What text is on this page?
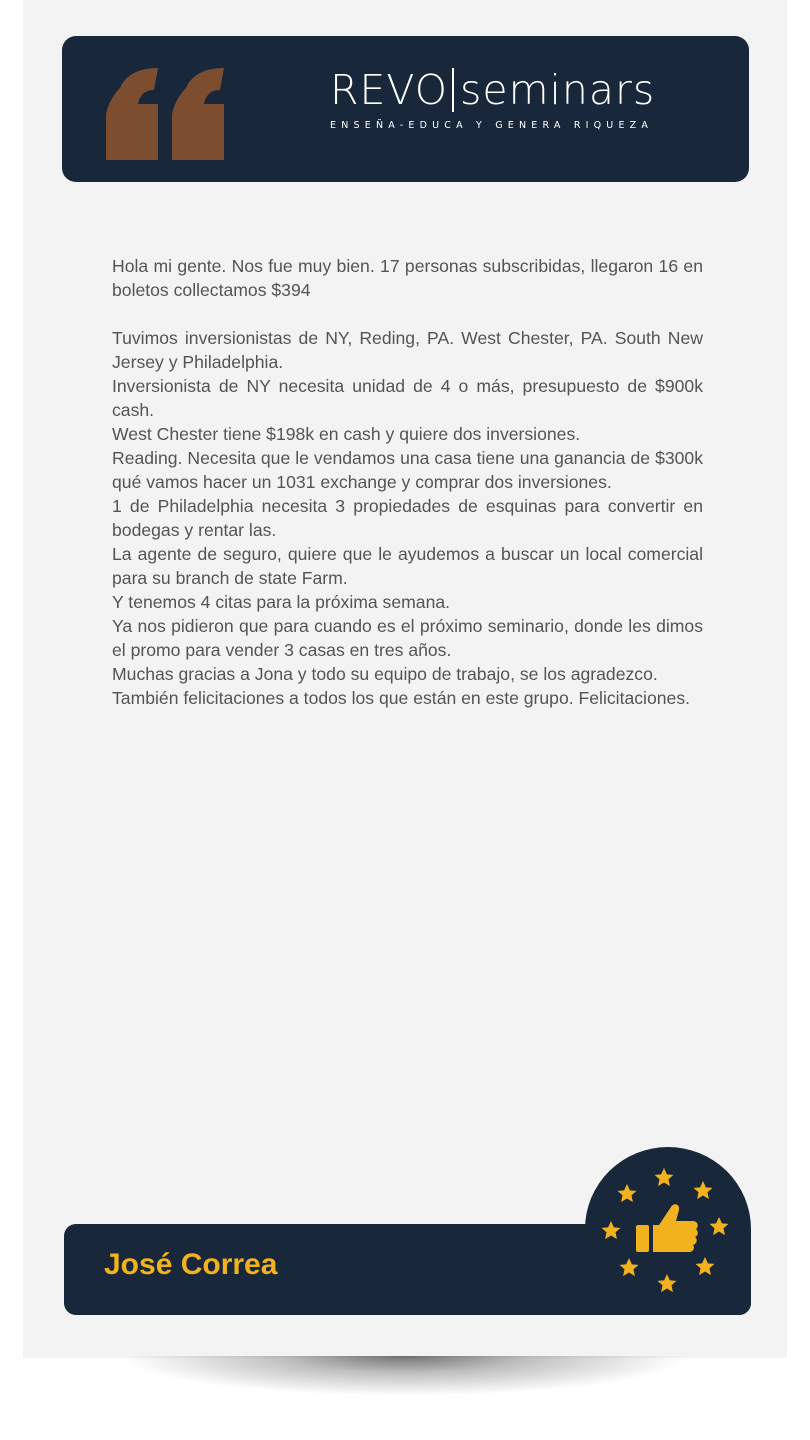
REVO seminars
ENSEÑA-EDUCA Y GENERA RIQUEZA

Hola mi gente. Nos fue muy bien. 17 personas subscribidas, llegaron 16 en boletos collectamos $394

Tuvimos inversionistas de NY, Reding, PA. West Chester, PA. South New Jersey y Philadelphia.

Inversionista de NY necesita unidad de 4 o más, presupuesto de $900k cash.

West Chester tiene $198k en cash y quiere dos inversiones.

Reading. Necesita que le vendamos una casa tiene una ganancia de $300k qué vamos hacer un 1031 exchange y comprar dos inversiones.

1 de Philadelphia necesita 3 propiedades de esquinas para convertir en bodegas y rentar las.

La agente de seguro, quiere que le ayudemos a buscar un local comercial para su branch de state Farm.

Y tenemos 4 citas para la próxima semana.

Ya nos pidieron que para cuando es el próximo seminario, donde les dimos el promo para vender 3 casas en tres años.

Muchas gracias a Jona y todo su equipo de trabajo, se los agradezco.

También felicitaciones a todos los que están en este grupo. Felicitaciones.

José Correa
